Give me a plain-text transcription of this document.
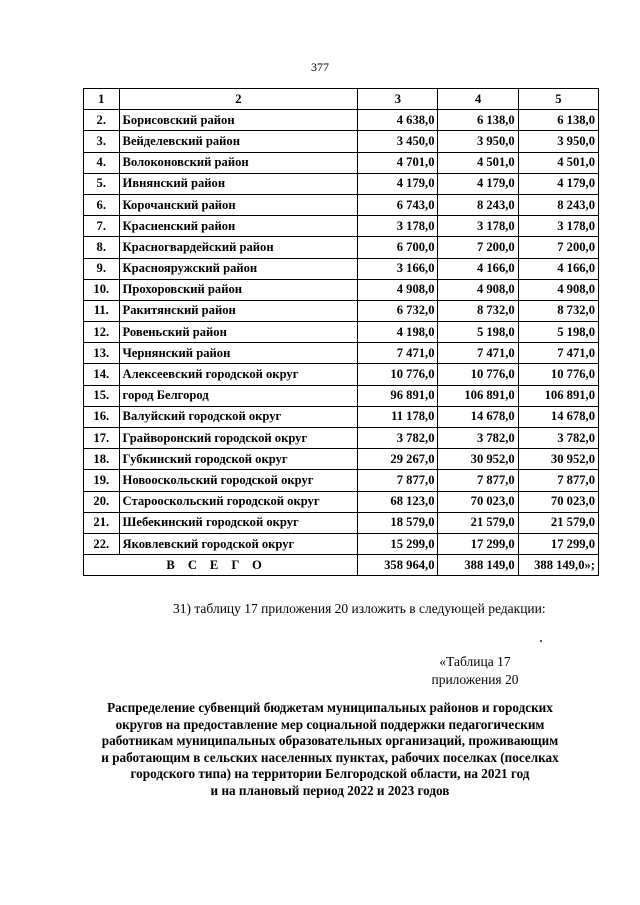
377
1	2	3	4	5
2.	Борисовский район	4 638,0	6 138,0	6 138,0
3.	Вейделевский район	3 450,0	3 950,0	3 950,0
4.	Волоконовский район	4 701,0	4 501,0	4 501,0
5.	Ивнянский район	4 179,0	4 179,0	4 179,0
6.	Корочанский район	6 743,0	8 243,0	8 243,0
7.	Красненский район	3 178,0	3 178,0	3 178,0
8.	Красногвардейский район	6 700,0	7 200,0	7 200,0
9.	Краснояружский район	3 166,0	4 166,0	4 166,0
10.	Прохоровский район	4 908,0	4 908,0	4 908,0
11.	Ракитянский район	6 732,0	8 732,0	8 732,0
12.	Ровеньский район	4 198,0	5 198,0	5 198,0
13.	Чернянский район	7 471,0	7 471,0	7 471,0
14.	Алексеевский городской округ	10 776,0	10 776,0	10 776,0
15.	город Белгород	96 891,0	106 891,0	106 891,0
16.	Валуйский городской округ	11 178,0	14 678,0	14 678,0
17.	Грайворонский городской округ	3 782,0	3 782,0	3 782,0
18.	Губкинский городской округ	29 267,0	30 952,0	30 952,0
19.	Новооскольский городской округ	7 877,0	7 877,0	7 877,0
20.	Старооскольский городской округ	68 123,0	70 023,0	70 023,0
21.	Шебекинский городской округ	18 579,0	21 579,0	21 579,0
22.	Яковлевский городской округ	15 299,0	17 299,0	17 299,0
ВСЕГО		358 964,0	388 149,0	388 149,0»;
31) таблицу 17 приложения 20 изложить в следующей редакции:
«Таблица 17
приложения 20
Распределение субвенций бюджетам муниципальных районов и городских
округов на предоставление мер социальной поддержки педагогическим
работникам муниципальных образовательных организаций, проживающим
и работающим в сельских населенных пунктах, рабочих поселках (поселках
городского типа) на территории Белгородской области, на 2021 год
и на плановый период 2022 и 2023 годов
